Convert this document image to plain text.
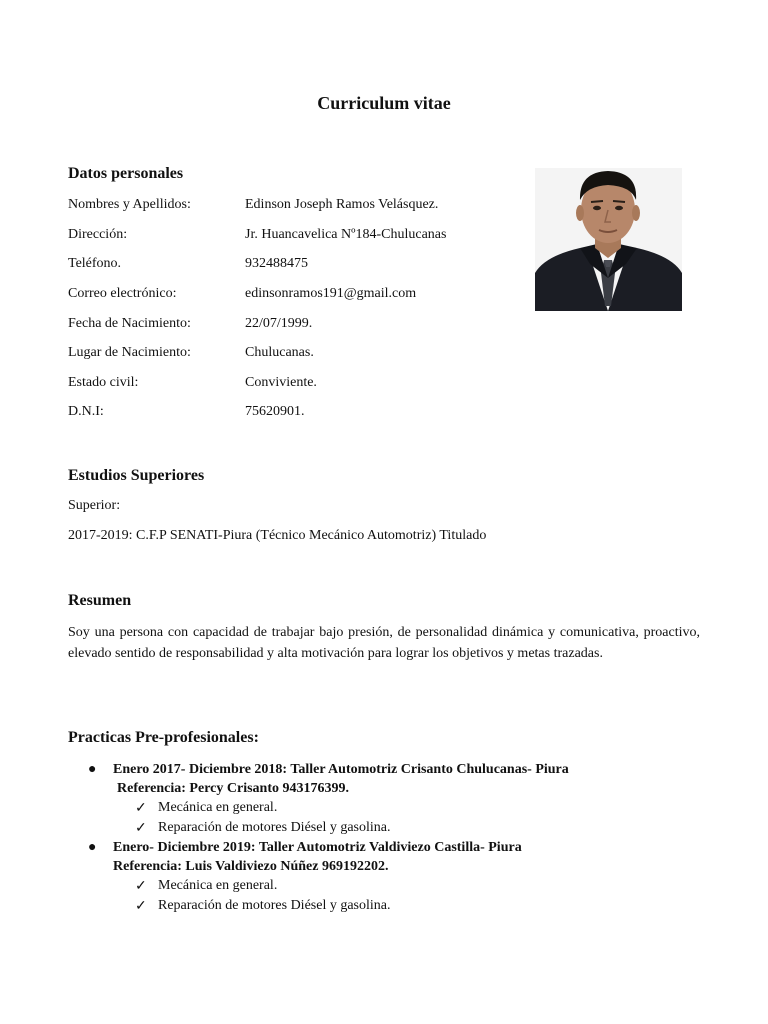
Curriculum vitae
Datos personales
Nombres y Apellidos:	Edinson Joseph Ramos Velásquez.
Dirección:	Jr. Huancavelica Nº184-Chulucanas
Teléfono.	932488475
Correo electrónico:	edinsonramos191@gmail.com
Fecha de Nacimiento:	22/07/1999.
Lugar de Nacimiento:	Chulucanas.
Estado civil:	Conviviente.
D.N.I:	75620901.
Estudios Superiores
Superior:
2017-2019: C.F.P SENATI-Piura (Técnico Mecánico Automotriz) Titulado
Resumen
Soy una persona con capacidad de trabajar bajo presión, de personalidad dinámica y comunicativa, proactivo, elevado sentido de responsabilidad y alta motivación para lograr los objetivos y metas trazadas.
Practicas Pre-profesionales:
● Enero 2017- Diciembre 2018: Taller Automotriz Crisanto Chulucanas- Piura
Referencia: Percy Crisanto 943176399.
✓ Mecánica en general.
✓ Reparación de motores Diésel y gasolina.
● Enero- Diciembre 2019: Taller Automotriz Valdiviezo Castilla- Piura
Referencia: Luis Valdiviezo Núñez 969192202.
✓ Mecánica en general.
✓ Reparación de motores Diésel y gasolina.
